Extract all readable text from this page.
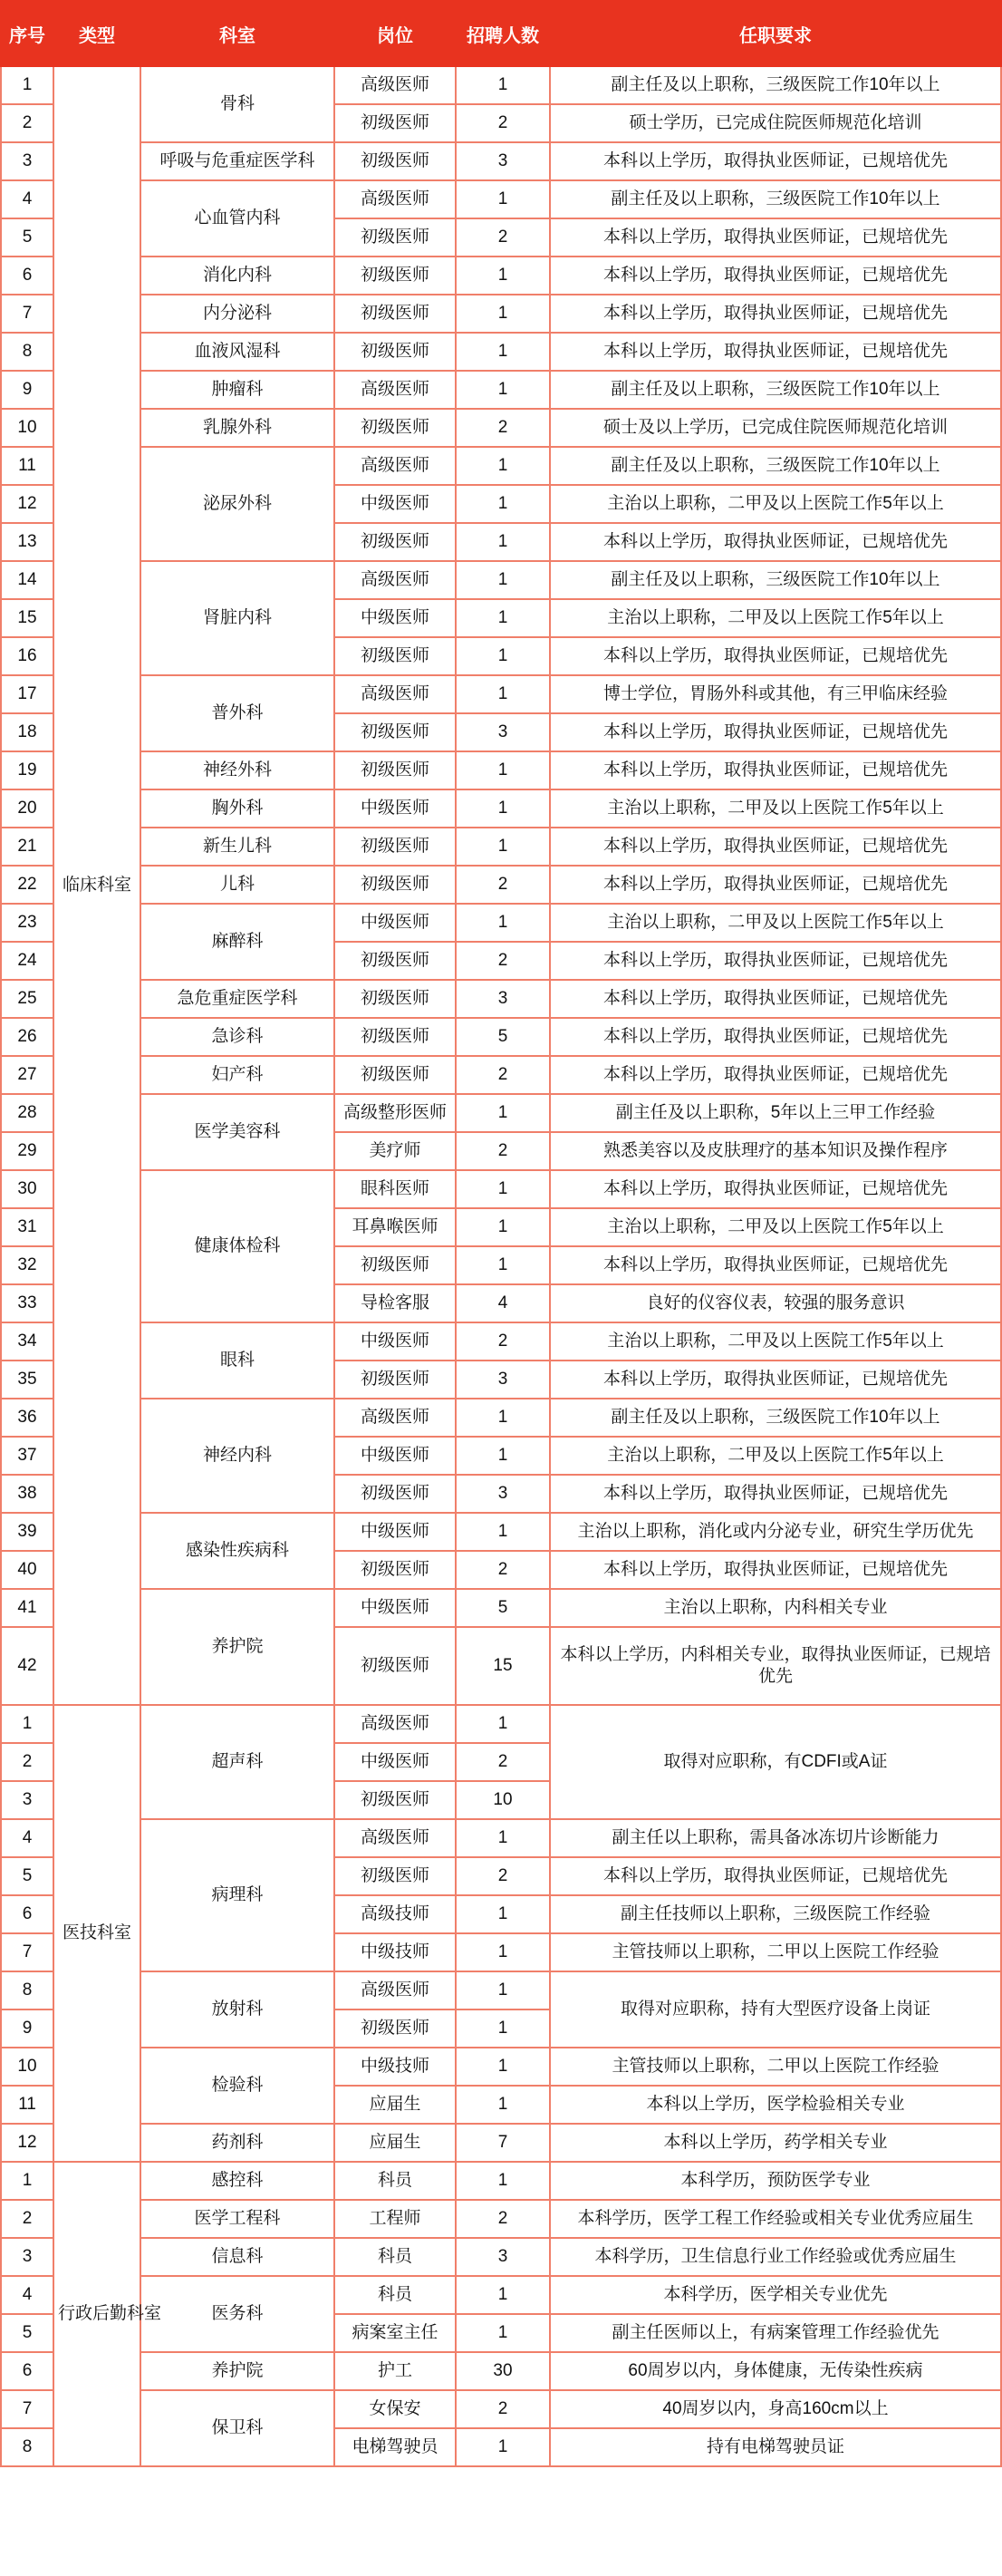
序号	类型	科室	岗位	招聘人数	任职要求
1	临床科室	骨科	高级医师	1	副主任及以上职称，三级医院工作10年以上
2			初级医师	2	硕士学历，已完成住院医师规范化培训
3		呼吸与危重症医学科	初级医师	3	本科以上学历，取得执业医师证，已规培优先
4		心血管内科	高级医师	1	副主任及以上职称，三级医院工作10年以上
5			初级医师	2	本科以上学历，取得执业医师证，已规培优先
6		消化内科	初级医师	1	本科以上学历，取得执业医师证，已规培优先
7		内分泌科	初级医师	1	本科以上学历，取得执业医师证，已规培优先
8		血液风湿科	初级医师	1	本科以上学历，取得执业医师证，已规培优先
9		肿瘤科	高级医师	1	副主任及以上职称，三级医院工作10年以上
10		乳腺外科	初级医师	2	硕士及以上学历，已完成住院医师规范化培训
11		泌尿外科	高级医师	1	副主任及以上职称，三级医院工作10年以上
12			中级医师	1	主治以上职称，二甲及以上医院工作5年以上
13			初级医师	1	本科以上学历，取得执业医师证，已规培优先
14		肾脏内科	高级医师	1	副主任及以上职称，三级医院工作10年以上
15			中级医师	1	主治以上职称，二甲及以上医院工作5年以上
16			初级医师	1	本科以上学历，取得执业医师证，已规培优先
17		普外科	高级医师	1	博士学位，胃肠外科或其他，有三甲临床经验
18			初级医师	3	本科以上学历，取得执业医师证，已规培优先
19		神经外科	初级医师	1	本科以上学历，取得执业医师证，已规培优先
20		胸外科	中级医师	1	主治以上职称，二甲及以上医院工作5年以上
21		新生儿科	初级医师	1	本科以上学历，取得执业医师证，已规培优先
22		儿科	初级医师	2	本科以上学历，取得执业医师证，已规培优先
23		麻醉科	中级医师	1	主治以上职称，二甲及以上医院工作5年以上
24			初级医师	2	本科以上学历，取得执业医师证，已规培优先
25		急危重症医学科	初级医师	3	本科以上学历，取得执业医师证，已规培优先
26		急诊科	初级医师	5	本科以上学历，取得执业医师证，已规培优先
27		妇产科	初级医师	2	本科以上学历，取得执业医师证，已规培优先
28		医学美容科	高级整形医师	1	副主任及以上职称，5年以上三甲工作经验
29			美疗师	2	熟悉美容以及皮肤理疗的基本知识及操作程序
30		健康体检科	眼科医师	1	本科以上学历，取得执业医师证，已规培优先
31			耳鼻喉医师	1	主治以上职称，二甲及以上医院工作5年以上
32			初级医师	1	本科以上学历，取得执业医师证，已规培优先
33			导检客服	4	良好的仪容仪表，较强的服务意识
34		眼科	中级医师	2	主治以上职称，二甲及以上医院工作5年以上
35			初级医师	3	本科以上学历，取得执业医师证，已规培优先
36		神经内科	高级医师	1	副主任及以上职称，三级医院工作10年以上
37			中级医师	1	主治以上职称，二甲及以上医院工作5年以上
38			初级医师	3	本科以上学历，取得执业医师证，已规培优先
39		感染性疾病科	中级医师	1	主治以上职称，消化或内分泌专业，研究生学历优先
40			初级医师	2	本科以上学历，取得执业医师证，已规培优先
41		养护院	中级医师	5	主治以上职称，内科相关专业
42			初级医师	15	本科以上学历，内科相关专业，取得执业医师证，已规培优先
1	医技科室	超声科	高级医师	1	取得对应职称，有CDFI或A证
2			中级医师	2	
3			初级医师	10	
4		病理科	高级医师	1	副主任以上职称，需具备冰冻切片诊断能力
5			初级医师	2	本科以上学历，取得执业医师证，已规培优先
6			高级技师	1	副主任技师以上职称，三级医院工作经验
7			中级技师	1	主管技师以上职称，二甲以上医院工作经验
8		放射科	高级医师	1	取得对应职称，持有大型医疗设备上岗证
9			初级医师	1	
10		检验科	中级技师	1	主管技师以上职称，二甲以上医院工作经验
11			应届生	1	本科以上学历，医学检验相关专业
12		药剂科	应届生	7	本科以上学历，药学相关专业
1	行政后勤科室	感控科	科员	1	本科学历，预防医学专业
2		医学工程科	工程师	2	本科学历，医学工程工作经验或相关专业优秀应届生
3		信息科	科员	3	本科学历，卫生信息行业工作经验或优秀应届生
4		医务科	科员	1	本科学历，医学相关专业优先
5			病案室主任	1	副主任医师以上，有病案管理工作经验优先
6		养护院	护工	30	60周岁以内，身体健康，无传染性疾病
7		保卫科	女保安	2	40周岁以内，身高160cm以上
8			电梯驾驶员	1	持有电梯驾驶员证
